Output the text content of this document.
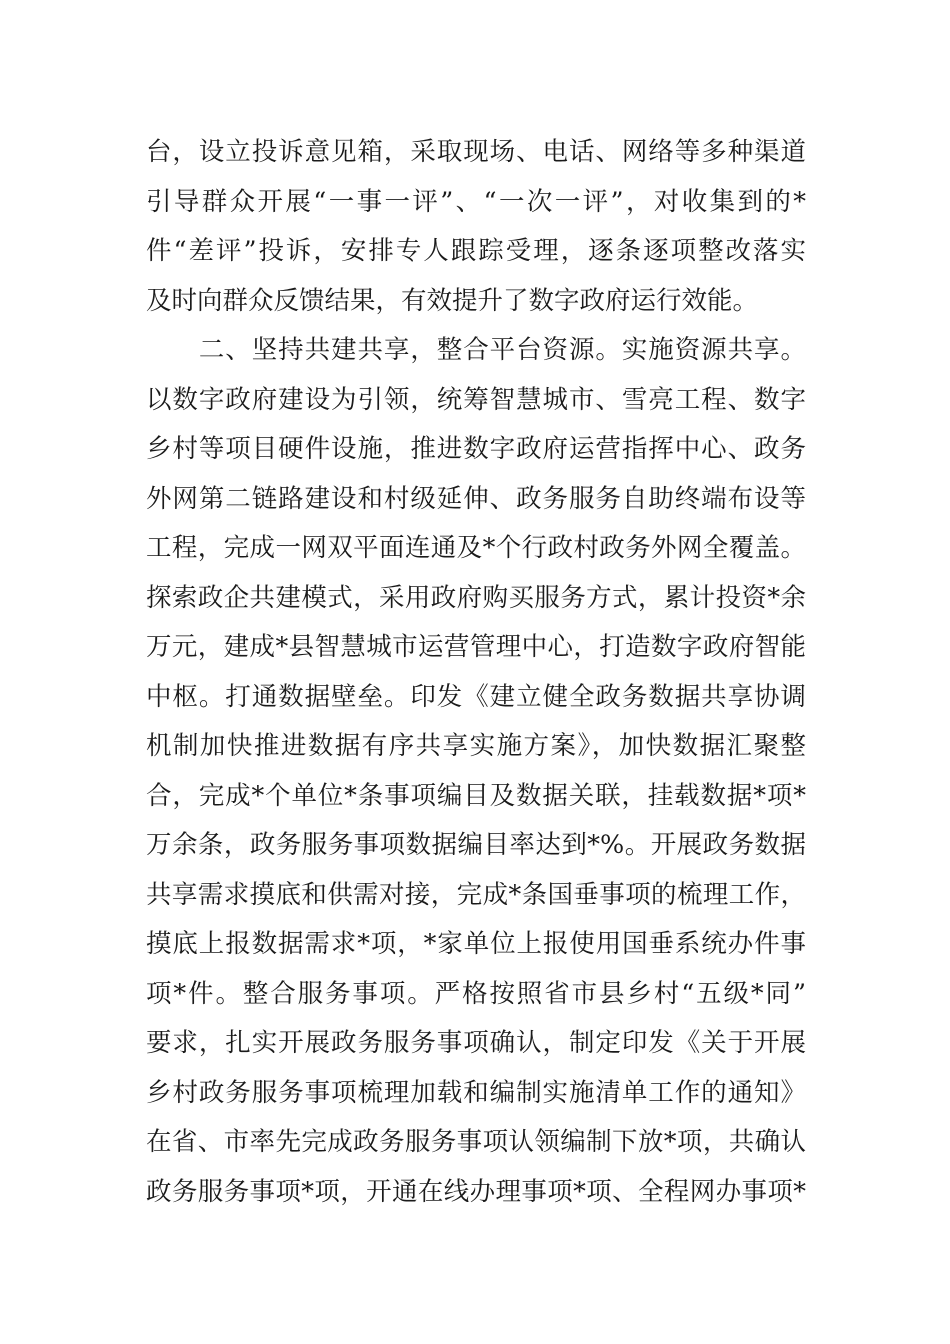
台，设立投诉意见箱，采取现场、电话、网络等多种渠道
引导群众开展“一事一评”、“一次一评”，对收集到的*
件“差评”投诉，安排专人跟踪受理，逐条逐项整改落实
及时向群众反馈结果，有效提升了数字政府运行效能。
　　二、坚持共建共享，整合平台资源。实施资源共享。
以数字政府建设为引领，统筹智慧城市、雪亮工程、数字
乡村等项目硬件设施，推进数字政府运营指挥中心、政务
外网第二链路建设和村级延伸、政务服务自助终端布设等
工程，完成一网双平面连通及*个行政村政务外网全覆盖。
探索政企共建模式，采用政府购买服务方式，累计投资*余
万元，建成*县智慧城市运营管理中心，打造数字政府智能
中枢。打通数据壁垒。印发《建立健全政务数据共享协调
机制加快推进数据有序共享实施方案》，加快数据汇聚整
合，完成*个单位*条事项编目及数据关联，挂载数据*项*
万余条，政务服务事项数据编目率达到*%。开展政务数据
共享需求摸底和供需对接，完成*条国垂事项的梳理工作，
摸底上报数据需求*项，*家单位上报使用国垂系统办件事
项*件。整合服务事项。严格按照省市县乡村“五级*同”
要求，扎实开展政务服务事项确认，制定印发《关于开展
乡村政务服务事项梳理加载和编制实施清单工作的通知》
在省、市率先完成政务服务事项认领编制下放*项，共确认
政务服务事项*项，开通在线办理事项*项、全程网办事项*
